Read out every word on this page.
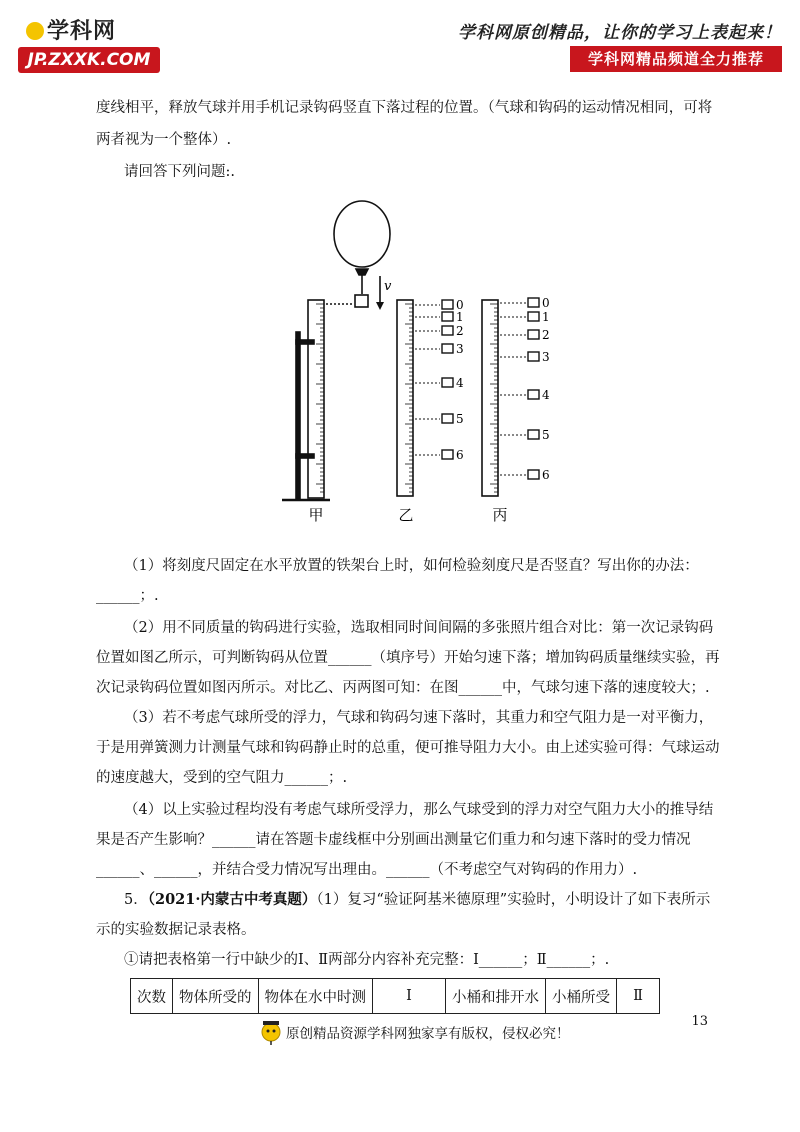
学科网
JP.ZXXK.COM
学科网原创精品，让你的学习上表起来！
学科网精品频道全力推荐
度线相平，释放气球并用手机记录钩码竖直下落过程的位置。（气球和钩码的运动情况相同，可将
两者视为一个整体）.
请回答下列问题:.
v
0
1
2
3
4
5
6
0
1
2
3
4
5
6
甲	乙	丙
（1）将刻度尺固定在水平放置的铁架台上时，如何检验刻度尺是否竖直？写出你的办法：
______；.
（2）用不同质量的钩码进行实验，选取相同时间间隔的多张照片组合对比：第一次记录钩码
位置如图乙所示，可判断钩码从位置______（填序号）开始匀速下落；增加钩码质量继续实验，再
次记录钩码位置如图丙所示。对比乙、丙两图可知：在图______中，气球匀速下落的速度较大；.
（3）若不考虑气球所受的浮力，气球和钩码匀速下落时，其重力和空气阻力是一对平衡力，
于是用弹簧测力计测量气球和钩码静止时的总重，便可推导阻力大小。由上述实验可得：气球运动
的速度越大，受到的空气阻力______；.
（4）以上实验过程均没有考虑气球所受浮力，那么气球受到的浮力对空气阻力大小的推导结
果是否产生影响？______请在答题卡虚线框中分别画出测量它们重力和匀速下落时的受力情况
______、______，并结合受力情况写出理由。______（不考虑空气对钩码的作用力）.
5．（2021·内蒙古中考真题）（1）复习“验证阿基米德原理”实验时，小明设计了如下表所示
示的实验数据记录表格。
①请把表格第一行中缺少的Ⅰ、Ⅱ两部分内容补充完整：Ⅰ______；Ⅱ______；.
次数	物体所受的	物体在水中时测	Ⅰ	小桶和排开水	小桶所受	Ⅱ
原创精品资源学科网独家享有版权，侵权必究！
13
